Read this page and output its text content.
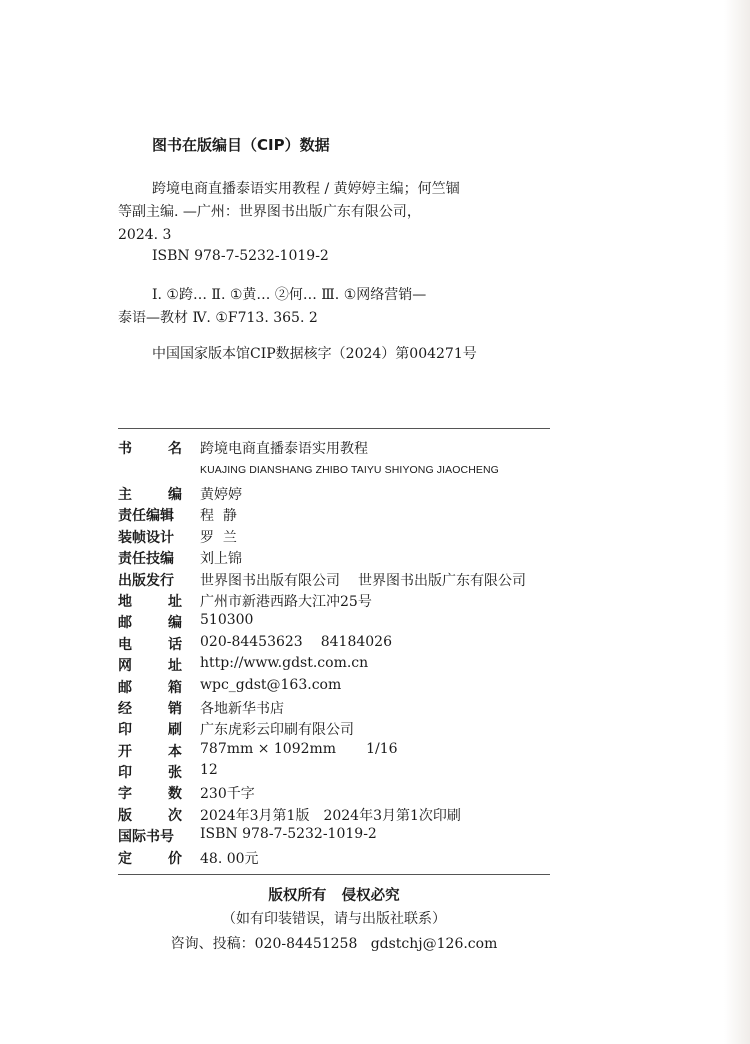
图书在版编目（CIP）数据
跨境电商直播泰语实用教程 / 黄婷婷主编；何竺锢
等副主编. —广州：世界图书出版广东有限公司，
2024. 3
ISBN 978-7-5232-1019-2
Ⅰ. ①跨… Ⅱ. ①黄… ②何… Ⅲ. ①网络营销—
泰语—教材 Ⅳ. ①F713. 365. 2
中国国家版本馆CIP数据核字（2024）第004271号
书	名	跨境电商直播泰语实用教程
KUAJING DIANSHANG ZHIBO TAIYU SHIYONG JIAOCHENG
主	编	黄婷婷
责任编辑	程  静
装帧设计	罗  兰
责任技编	刘上锦
出版发行	世界图书出版有限公司 世界图书出版广东有限公司
地	址	广州市新港西路大江冲25号
邮	编	510300
电	话	020-84453623 84184026
网	址	http://www.gdst.com.cn
邮	箱	wpc_gdst@163.com
经	销	各地新华书店
印	刷	广东虎彩云印刷有限公司
开	本	787mm × 1092mm 1/16
印	张	12
字	数	230千字
版	次	2024年3月第1版 2024年3月第1次印刷
国际书号	ISBN 978-7-5232-1019-2
定	价	48. 00元
版权所有   侵权必究
（如有印装错误，请与出版社联系）
咨询、投稿：020-84451258   gdstchj@126.com
